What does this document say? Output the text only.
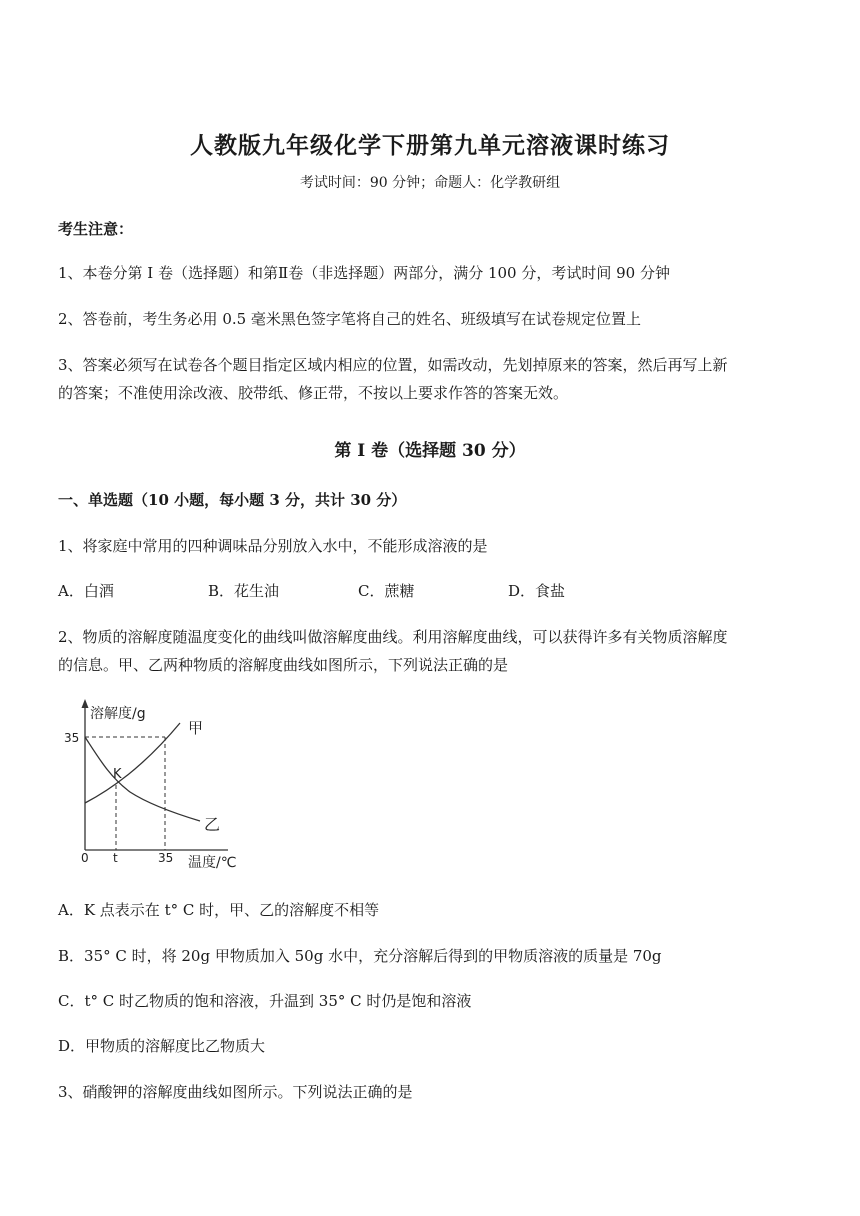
人教版九年级化学下册第九单元溶液课时练习
考试时间：90 分钟；命题人：化学教研组
考生注意：
1、本卷分第 I 卷（选择题）和第Ⅱ卷（非选择题）两部分，满分 100 分，考试时间 90 分钟
2、答卷前，考生务必用 0.5 毫米黑色签字笔将自己的姓名、班级填写在试卷规定位置上
3、答案必须写在试卷各个题目指定区域内相应的位置，如需改动，先划掉原来的答案，然后再写上新
的答案；不准使用涂改液、胶带纸、修正带，不按以上要求作答的答案无效。
第 I 卷（选择题 30 分）
一、单选题（10 小题，每小题 3 分，共计 30 分）
1、将家庭中常用的四种调味品分别放入水中，不能形成溶液的是
A．白酒	B．花生油	C．蔗糖	D．食盐
2、物质的溶解度随温度变化的曲线叫做溶解度曲线。利用溶解度曲线，可以获得许多有关物质溶解度
的信息。甲、乙两种物质的溶解度曲线如图所示，下列说法正确的是
溶解度/g
35
甲
乙
K
0 t	35 温度/℃
A．K 点表示在 t° C 时，甲、乙的溶解度不相等
B．35° C 时，将 20g 甲物质加入 50g 水中，充分溶解后得到的甲物质溶液的质量是 70g
C．t° C 时乙物质的饱和溶液，升温到 35° C 时仍是饱和溶液
D．甲物质的溶解度比乙物质大
3、硝酸钾的溶解度曲线如图所示。下列说法正确的是
